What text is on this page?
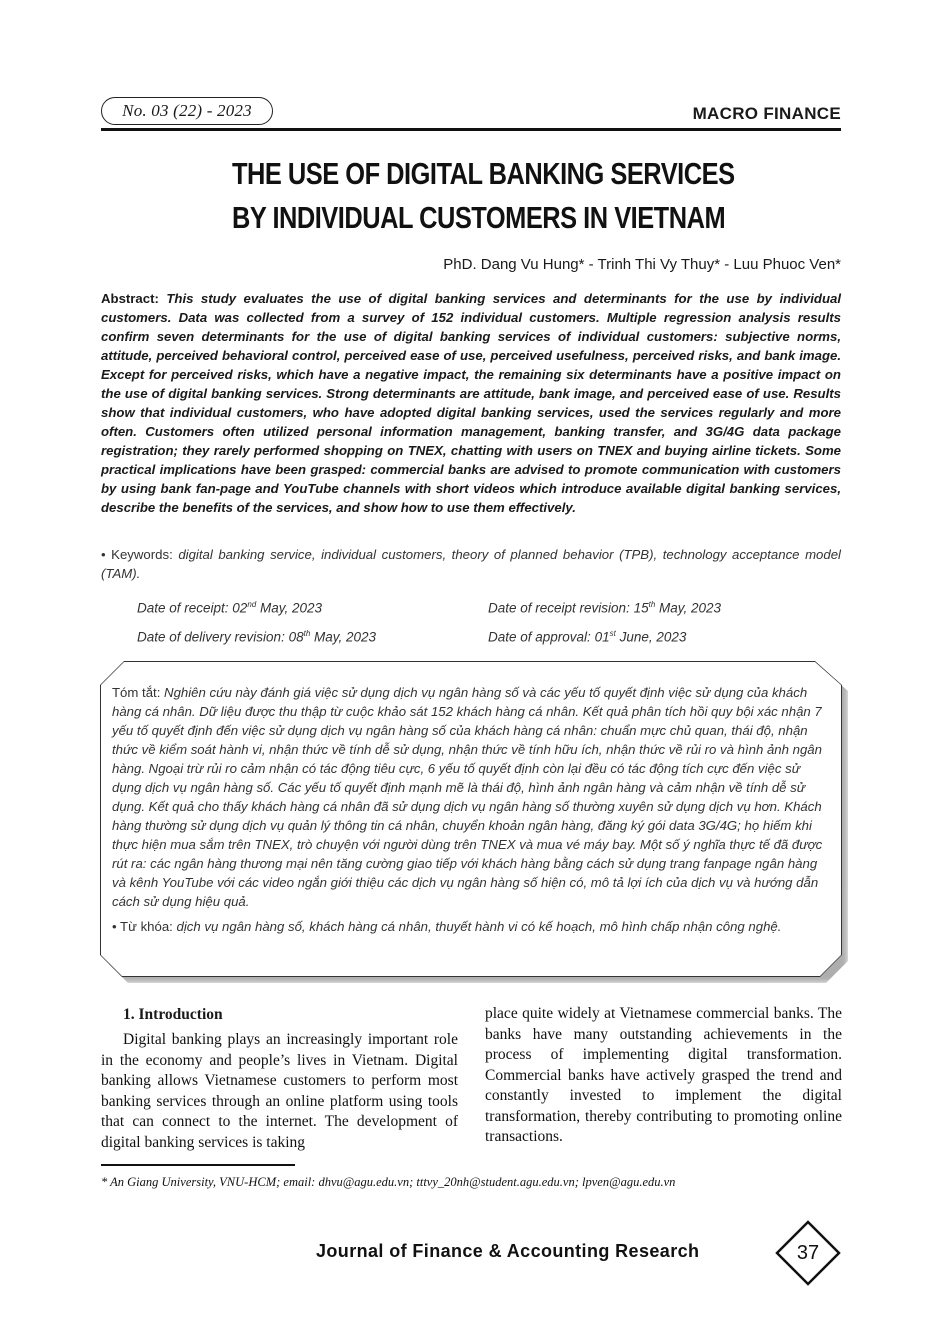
No. 03 (22) - 2023	MACRO FINANCE
THE USE OF DIGITAL BANKING SERVICES
BY INDIVIDUAL CUSTOMERS IN VIETNAM
PhD. Dang Vu Hung* - Trinh Thi Vy Thuy* - Luu Phuoc Ven*
Abstract: This study evaluates the use of digital banking services and determinants for the use by individual customers. Data was collected from a survey of 152 individual customers. Multiple regression analysis results confirm seven determinants for the use of digital banking services of individual customers: subjective norms, attitude, perceived behavioral control, perceived ease of use, perceived usefulness, perceived risks, and bank image. Except for perceived risks, which have a negative impact, the remaining six determinants have a positive impact on the use of digital banking services. Strong determinants are attitude, bank image, and perceived ease of use. Results show that individual customers, who have adopted digital banking services, used the services regularly and more often. Customers often utilized personal information management, banking transfer, and 3G/4G data package registration; they rarely performed shopping on TNEX, chatting with users on TNEX and buying airline tickets. Some practical implications have been grasped: commercial banks are advised to promote communication with customers by using bank fan-page and YouTube channels with short videos which introduce available digital banking services, describe the benefits of the services, and show how to use them effectively.
• Keywords: digital banking service, individual customers, theory of planned behavior (TPB), technology acceptance model (TAM).
Date of receipt: 02nd May, 2023	Date of receipt revision: 15th May, 2023
Date of delivery revision: 08th May, 2023	Date of approval: 01st June, 2023
Tóm tắt: Nghiên cứu này đánh giá việc sử dụng dịch vụ ngân hàng số và các yếu tố quyết định việc sử dụng của khách hàng cá nhân. Dữ liệu được thu thập từ cuộc khảo sát 152 khách hàng cá nhân. Kết quả phân tích hồi quy bội xác nhận 7 yếu tố quyết định đến việc sử dụng dịch vụ ngân hàng số của khách hàng cá nhân: chuẩn mực chủ quan, thái độ, nhận thức về kiểm soát hành vi, nhận thức về tính dễ sử dụng, nhận thức về tính hữu ích, nhận thức về rủi ro và hình ảnh ngân hàng. Ngoại trừ rủi ro cảm nhận có tác động tiêu cực, 6 yếu tố quyết định còn lại đều có tác động tích cực đến việc sử dụng dịch vụ ngân hàng số. Các yếu tố quyết định mạnh mẽ là thái độ, hình ảnh ngân hàng và cảm nhận về tính dễ sử dụng. Kết quả cho thấy khách hàng cá nhân đã sử dụng dịch vụ ngân hàng số thường xuyên sử dụng dịch vụ hơn. Khách hàng thường sử dụng dịch vụ quản lý thông tin cá nhân, chuyển khoản ngân hàng, đăng ký gói data 3G/4G; họ hiếm khi thực hiện mua sắm trên TNEX, trò chuyện với người dùng trên TNEX và mua vé máy bay. Một số ý nghĩa thực tế đã được rút ra: các ngân hàng thương mại nên tăng cường giao tiếp với khách hàng bằng cách sử dụng trang fanpage ngân hàng và kênh YouTube với các video ngắn giới thiệu các dịch vụ ngân hàng số hiện có, mô tả lợi ích của dịch vụ và hướng dẫn cách sử dụng hiệu quả.
• Từ khóa: dịch vụ ngân hàng số, khách hàng cá nhân, thuyết hành vi có kế hoạch, mô hình chấp nhận công nghệ.
1. Introduction
Digital banking plays an increasingly important role in the economy and people’s lives in Vietnam. Digital banking allows Vietnamese customers to perform most banking services through an online platform using tools that can connect to the internet. The development of digital banking services is taking
place quite widely at Vietnamese commercial banks. The banks have many outstanding achievements in the process of implementing digital transformation. Commercial banks have actively grasped the trend and constantly invested to implement the digital transformation, thereby contributing to promoting online transactions.
* An Giang University, VNU-HCM; email: dhvu@agu.edu.vn; tttvy_20nh@student.agu.edu.vn; lpven@agu.edu.vn
Journal of Finance & Accounting Research	37
